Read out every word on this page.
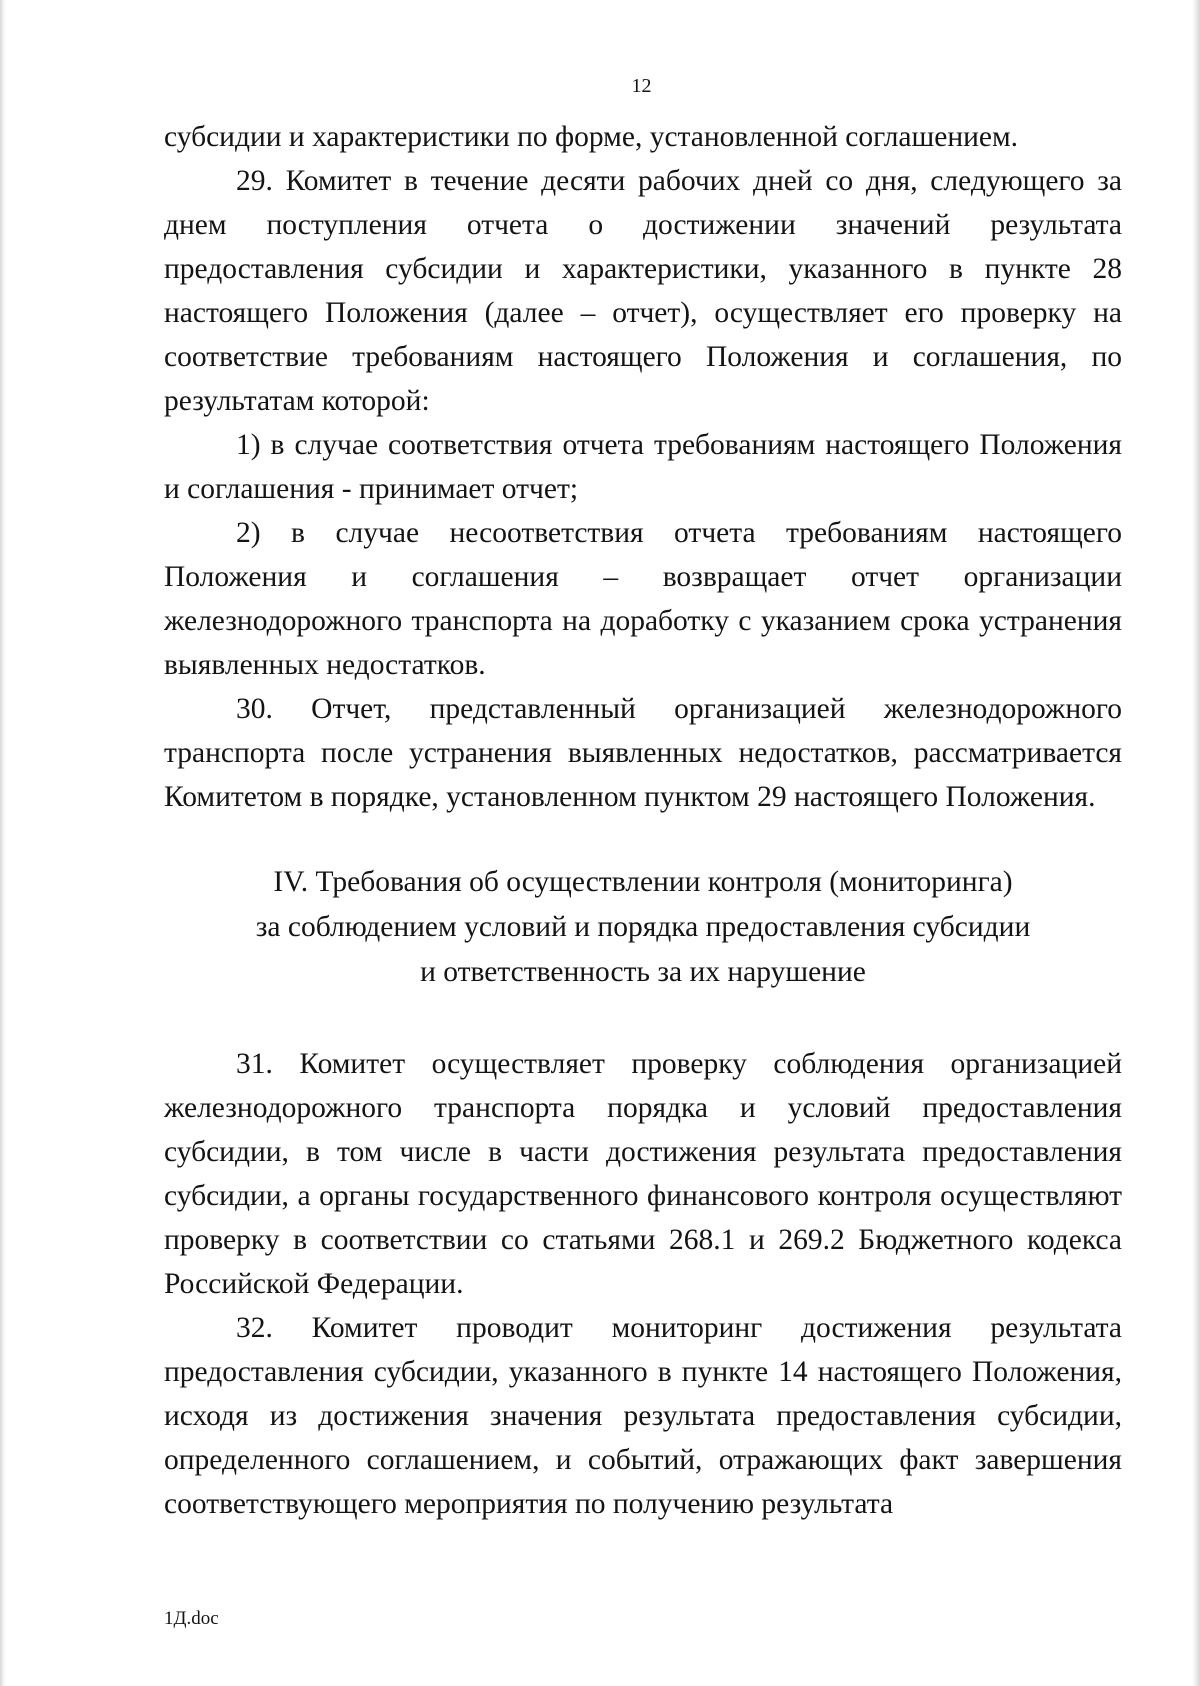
12

субсидии и характеристики по форме, установленной соглашением.

29. Комитет в течение десяти рабочих дней со дня, следующего за днем поступления отчета о достижении значений результата предоставления субсидии и характеристики, указанного в пункте 28 настоящего Положения (далее – отчет), осуществляет его проверку на соответствие требованиям настоящего Положения и соглашения, по результатам которой:

1) в случае соответствия отчета требованиям настоящего Положения и соглашения - принимает отчет;

2) в случае несоответствия отчета требованиям настоящего Положения и соглашения – возвращает отчет организации железнодорожного транспорта на доработку с указанием срока устранения выявленных недостатков.

30. Отчет, представленный организацией железнодорожного транспорта после устранения выявленных недостатков, рассматривается Комитетом в порядке, установленном пунктом 29 настоящего Положения.

IV. Требования об осуществлении контроля (мониторинга)
за соблюдением условий и порядка предоставления субсидии
и ответственность за их нарушение

31. Комитет осуществляет проверку соблюдения организацией железнодорожного транспорта порядка и условий предоставления субсидии, в том числе в части достижения результата предоставления субсидии, а органы государственного финансового контроля осуществляют проверку в соответствии со статьями 268.1 и 269.2 Бюджетного кодекса Российской Федерации.

32. Комитет проводит мониторинг достижения результата предоставления субсидии, указанного в пункте 14 настоящего Положения, исходя из достижения значения результата предоставления субсидии, определенного соглашением, и событий, отражающих факт завершения соответствующего мероприятия по получению результата

1Д.doc
